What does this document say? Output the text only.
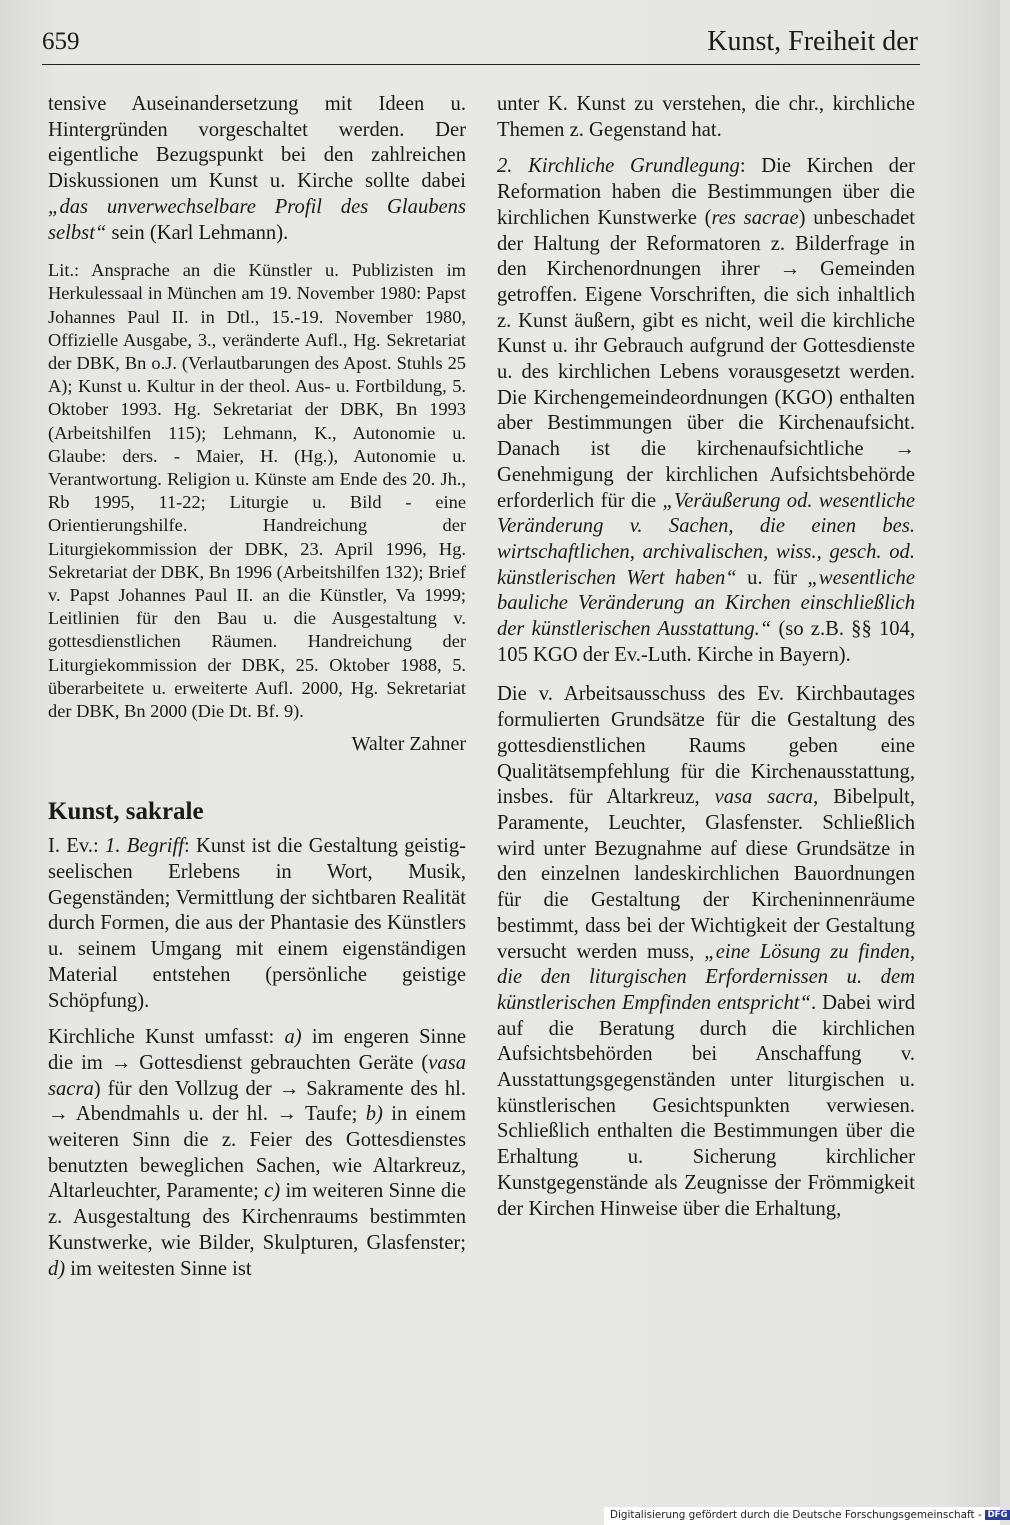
659	Kunst, Freiheit der

tensive Auseinandersetzung mit Ideen u. Hintergründen vorgeschaltet werden. Der eigentliche Bezugspunkt bei den zahlreichen Diskussionen um Kunst u. Kirche sollte dabei „das unverwechselbare Profil des Glaubens selbst“ sein (Karl Lehmann).

Lit.: Ansprache an die Künstler u. Publizisten im Herkulessaal in München am 19. November 1980: Papst Johannes Paul II. in Dtl., 15.-19. November 1980, Offizielle Ausgabe, 3., veränderte Aufl., Hg. Sekretariat der DBK, Bn o.J. (Verlautbarungen des Apost. Stuhls 25 A); Kunst u. Kultur in der theol. Aus- u. Fortbildung, 5. Oktober 1993. Hg. Sekretariat der DBK, Bn 1993 (Arbeitshilfen 115); Lehmann, K., Autonomie u. Glaube: ders. - Maier, H. (Hg.), Autonomie u. Verantwortung. Religion u. Künste am Ende des 20. Jh., Rb 1995, 11-22; Liturgie u. Bild - eine Orientierungshilfe. Handreichung der Liturgiekommission der DBK, 23. April 1996, Hg. Sekretariat der DBK, Bn 1996 (Arbeitshilfen 132); Brief v. Papst Johannes Paul II. an die Künstler, Va 1999; Leitlinien für den Bau u. die Ausgestaltung v. gottesdienstlichen Räumen. Handreichung der Liturgiekommission der DBK, 25. Oktober 1988, 5. überarbeitete u. erweiterte Aufl. 2000, Hg. Sekretariat der DBK, Bn 2000 (Die Dt. Bf. 9).

Walter Zahner

Kunst, sakrale

I. Ev.: 1. Begriff: Kunst ist die Gestaltung geistig-seelischen Erlebens in Wort, Musik, Gegenständen; Vermittlung der sichtbaren Realität durch Formen, die aus der Phantasie des Künstlers u. seinem Umgang mit einem eigenständigen Material entstehen (persönliche geistige Schöpfung).

Kirchliche Kunst umfasst: a) im engeren Sinne die im → Gottesdienst gebrauchten Geräte (vasa sacra) für den Vollzug der → Sakramente des hl. → Abendmahls u. der hl. → Taufe; b) in einem weiteren Sinn die z. Feier des Gottesdienstes benutzten beweglichen Sachen, wie Altarkreuz, Altarleuchter, Paramente; c) im weiteren Sinne die z. Ausgestaltung des Kirchenraums bestimmten Kunstwerke, wie Bilder, Skulpturen, Glasfenster; d) im weitesten Sinne ist

unter K. Kunst zu verstehen, die chr., kirchliche Themen z. Gegenstand hat.

2. Kirchliche Grundlegung: Die Kirchen der Reformation haben die Bestimmungen über die kirchlichen Kunstwerke (res sacrae) unbeschadet der Haltung der Reformatoren z. Bilderfrage in den Kirchenordnungen ihrer → Gemeinden getroffen. Eigene Vorschriften, die sich inhaltlich z. Kunst äußern, gibt es nicht, weil die kirchliche Kunst u. ihr Gebrauch aufgrund der Gottesdienste u. des kirchlichen Lebens vorausgesetzt werden. Die Kirchengemeindeordnungen (KGO) enthalten aber Bestimmungen über die Kirchenaufsicht. Danach ist die kirchenaufsichtliche → Genehmigung der kirchlichen Aufsichtsbehörde erforderlich für die „Veräußerung od. wesentliche Veränderung v. Sachen, die einen bes. wirtschaftlichen, archivalischen, wiss., gesch. od. künstlerischen Wert haben“ u. für „wesentliche bauliche Veränderung an Kirchen einschließlich der künstlerischen Ausstattung.“ (so z.B. §§ 104, 105 KGO der Ev.-Luth. Kirche in Bayern).

Die v. Arbeitsausschuss des Ev. Kirchbautages formulierten Grundsätze für die Gestaltung des gottesdienstlichen Raums geben eine Qualitätsempfehlung für die Kirchenausstattung, insbes. für Altarkreuz, vasa sacra, Bibelpult, Paramente, Leuchter, Glasfenster. Schließlich wird unter Bezugnahme auf diese Grundsätze in den einzelnen landeskirchlichen Bauordnungen für die Gestaltung der Kircheninnenräume bestimmt, dass bei der Wichtigkeit der Gestaltung versucht werden muss, „eine Lösung zu finden, die den liturgischen Erfordernissen u. dem künstlerischen Empfinden entspricht“. Dabei wird auf die Beratung durch die kirchlichen Aufsichtsbehörden bei Anschaffung v. Ausstattungsgegenständen unter liturgischen u. künstlerischen Gesichtspunkten verwiesen. Schließlich enthalten die Bestimmungen über die Erhaltung u. Sicherung kirchlicher Kunstgegenstände als Zeugnisse der Frömmigkeit der Kirchen Hinweise über die Erhaltung,

Digitalisierung gefördert durch die Deutsche Forschungsgemeinschaft - DFG
